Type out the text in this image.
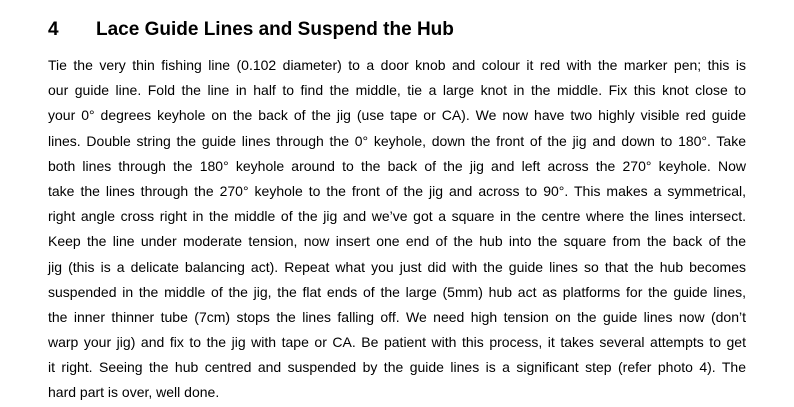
4 Lace Guide Lines and Suspend the Hub
Tie the very thin fishing line (0.102 diameter) to a door knob and colour it red with the marker pen; this is
our guide line. Fold the line in half to find the middle, tie a large knot in the middle. Fix this knot close to
your 0° degrees keyhole on the back of the jig (use tape or CA). We now have two highly visible red guide
lines. Double string the guide lines through the 0° keyhole, down the front of the jig and down to 180°. Take
both lines through the 180° keyhole around to the back of the jig and left across the 270° keyhole. Now
take the lines through the 270° keyhole to the front of the jig and across to 90°. This makes a symmetrical,
right angle cross right in the middle of the jig and we’ve got a square in the centre where the lines intersect.
Keep the line under moderate tension, now insert one end of the hub into the square from the back of the
jig (this is a delicate balancing act). Repeat what you just did with the guide lines so that the hub becomes
suspended in the middle of the jig, the flat ends of the large (5mm) hub act as platforms for the guide lines,
the inner thinner tube (7cm) stops the lines falling off. We need high tension on the guide lines now (don’t
warp your jig) and fix to the jig with tape or CA. Be patient with this process, it takes several attempts to get
it right. Seeing the hub centred and suspended by the guide lines is a significant step (refer photo 4). The
hard part is over, well done.
